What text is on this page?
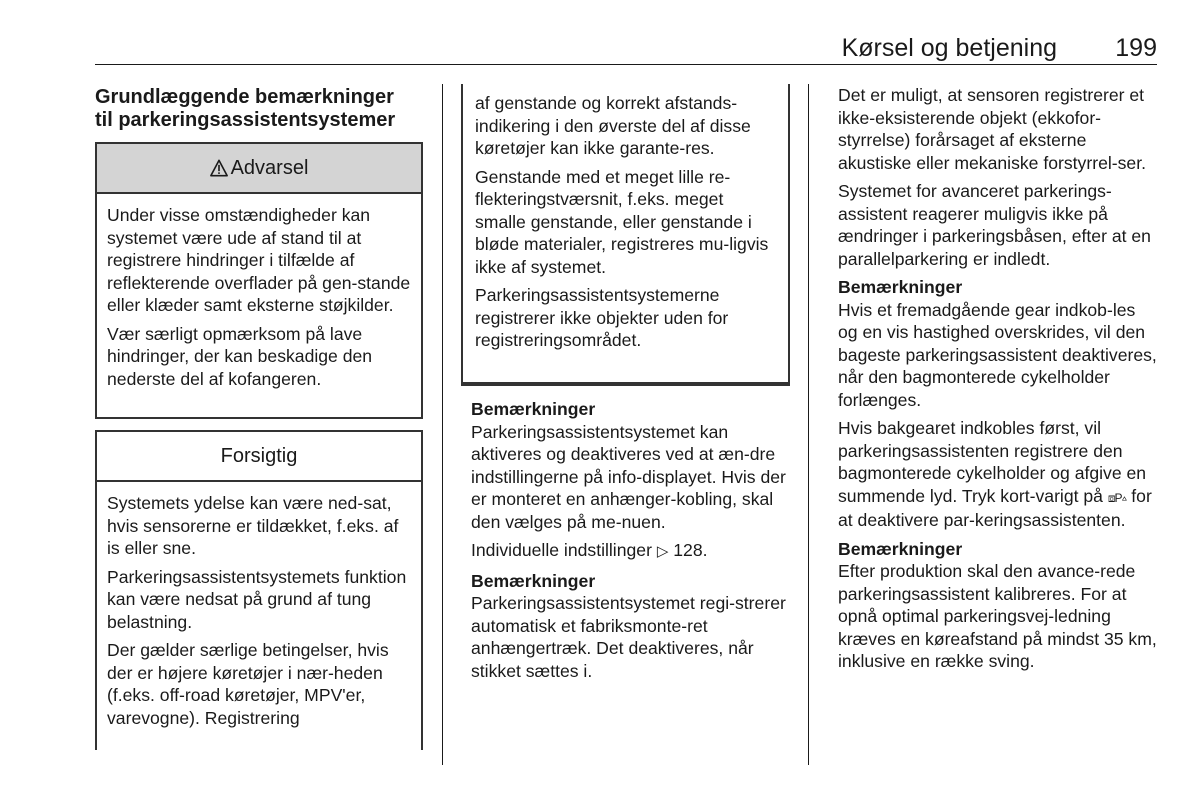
Kørsel og betjening 199
Grundlæggende bemærkninger til parkeringsassistentsystemer
Advarsel

Under visse omstændigheder kan systemet være ude af stand til at registrere hindringer i tilfælde af reflekterende overflader på gen-stande eller klæder samt eksterne støjkilder.

Vær særligt opmærksom på lave hindringer, der kan beskadige den nederste del af kofangeren.

Forsigtig

Systemets ydelse kan være ned-sat, hvis sensorerne er tildækket, f.eks. af is eller sne.

Parkeringsassistentsystemets funktion kan være nedsat på grund af tung belastning.

Der gælder særlige betingelser, hvis der er højere køretøjer i nær-heden (f.eks. off-road køretøjer, MPV'er, varevogne). Registrering

af genstande og korrekt afstands-indikering i den øverste del af disse køretøjer kan ikke garante-res.

Genstande med et meget lille re-flekteringstværsnit, f.eks. meget smalle genstande, eller genstande i bløde materialer, registreres mu-ligvis ikke af systemet.

Parkeringsassistentsystemerne registrerer ikke objekter uden for registreringsområdet.

Bemærkninger

Parkeringsassistentsystemet kan aktiveres og deaktiveres ved at æn-dre indstillingerne på info-displayet. Hvis der er monteret en anhænger-kobling, skal den vælges på me-nuen.

Individuelle indstillinger ▷ 128.

Bemærkninger

Parkeringsassistentsystemet regi-strerer automatisk et fabriksmonte-ret anhængertræk. Det deaktiveres, når stikket sættes i.

Det er muligt, at sensoren registrerer et ikke-eksisterende objekt (ekkofor-styrrelse) forårsaget af eksterne akustiske eller mekaniske forstyrrel-ser.

Systemet for avanceret parkerings-assistent reagerer muligvis ikke på ændringer i parkeringsbåsen, efter at en parallelparkering er indledt.

Bemærkninger

Hvis et fremadgående gear indkob-les og en vis hastighed overskrides, vil den bageste parkeringsassistent deaktiveres, når den bagmonterede cykelholder forlænges.

Hvis bakgearet indkobles først, vil parkeringsassistenten registrere den bagmonterede cykelholder og afgive en summende lyd. Tryk kort-varigt på ⧈P▵ for at deaktivere par-keringsassistenten.

Bemærkninger

Efter produktion skal den avance-rede parkeringsassistent kalibreres. For at opnå optimal parkeringsvej-ledning kræves en køreafstand på mindst 35 km, inklusive en række sving.
